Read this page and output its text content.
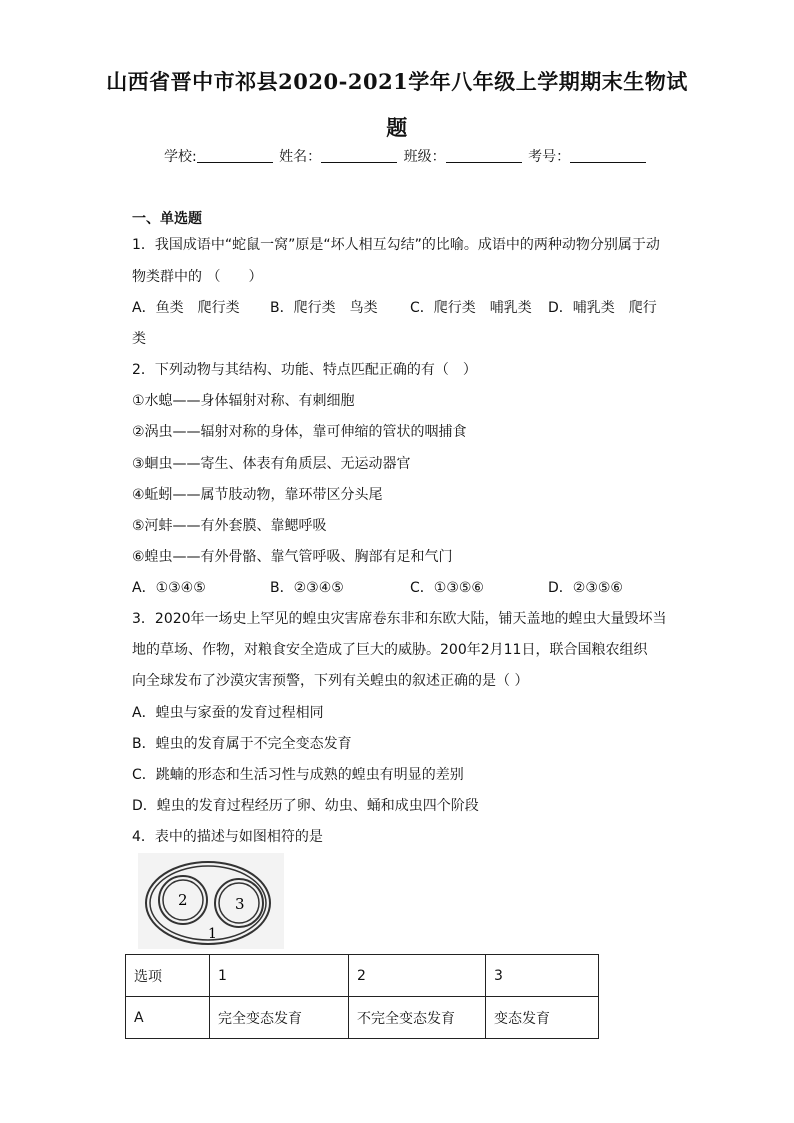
山西省晋中市祁县2020-2021学年八年级上学期期末生物试
题
学校:	姓名：	班级：	考号：
一、单选题
1．我国成语中“蛇鼠一窝”原是“坏人相互勾结”的比喻。成语中的两种动物分别属于动
物类群中的 （　　）
A．鱼类　爬行类 B．爬行类　鸟类 C．爬行类　哺乳类 D．哺乳类　爬行
类
2．下列动物与其结构、功能、特点匹配正确的有（　）
①水螅——身体辐射对称、有刺细胞
②涡虫——辐射对称的身体，靠可伸缩的管状的咽捕食
③蛔虫——寄生、体表有角质层、无运动器官
④蚯蚓——属节肢动物，靠环带区分头尾
⑤河蚌——有外套膜、靠鳃呼吸
⑥蝗虫——有外骨骼、靠气管呼吸、胸部有足和气门
A．①③④⑤	B．②③④⑤	C．①③⑤⑥	D．②③⑤⑥
3．2020年一场史上罕见的蝗虫灾害席卷东非和东欧大陆，铺天盖地的蝗虫大量毁坏当
地的草场、作物，对粮食安全造成了巨大的威胁。200年2月11日，联合国粮农组织
向全球发布了沙漠灾害预警，下列有关蝗虫的叙述正确的是（ ）
A．蝗虫与家蚕的发育过程相同
B．蝗虫的发育属于不完全变态发育
C．跳蝻的形态和生活习性与成熟的蝗虫有明显的差别
D．蝗虫的发育过程经历了卵、幼虫、蛹和成虫四个阶段
4．表中的描述与如图相符的是
2	3
1
选项	1	2	3
A	完全变态发育	不完全变态发育	变态发育
